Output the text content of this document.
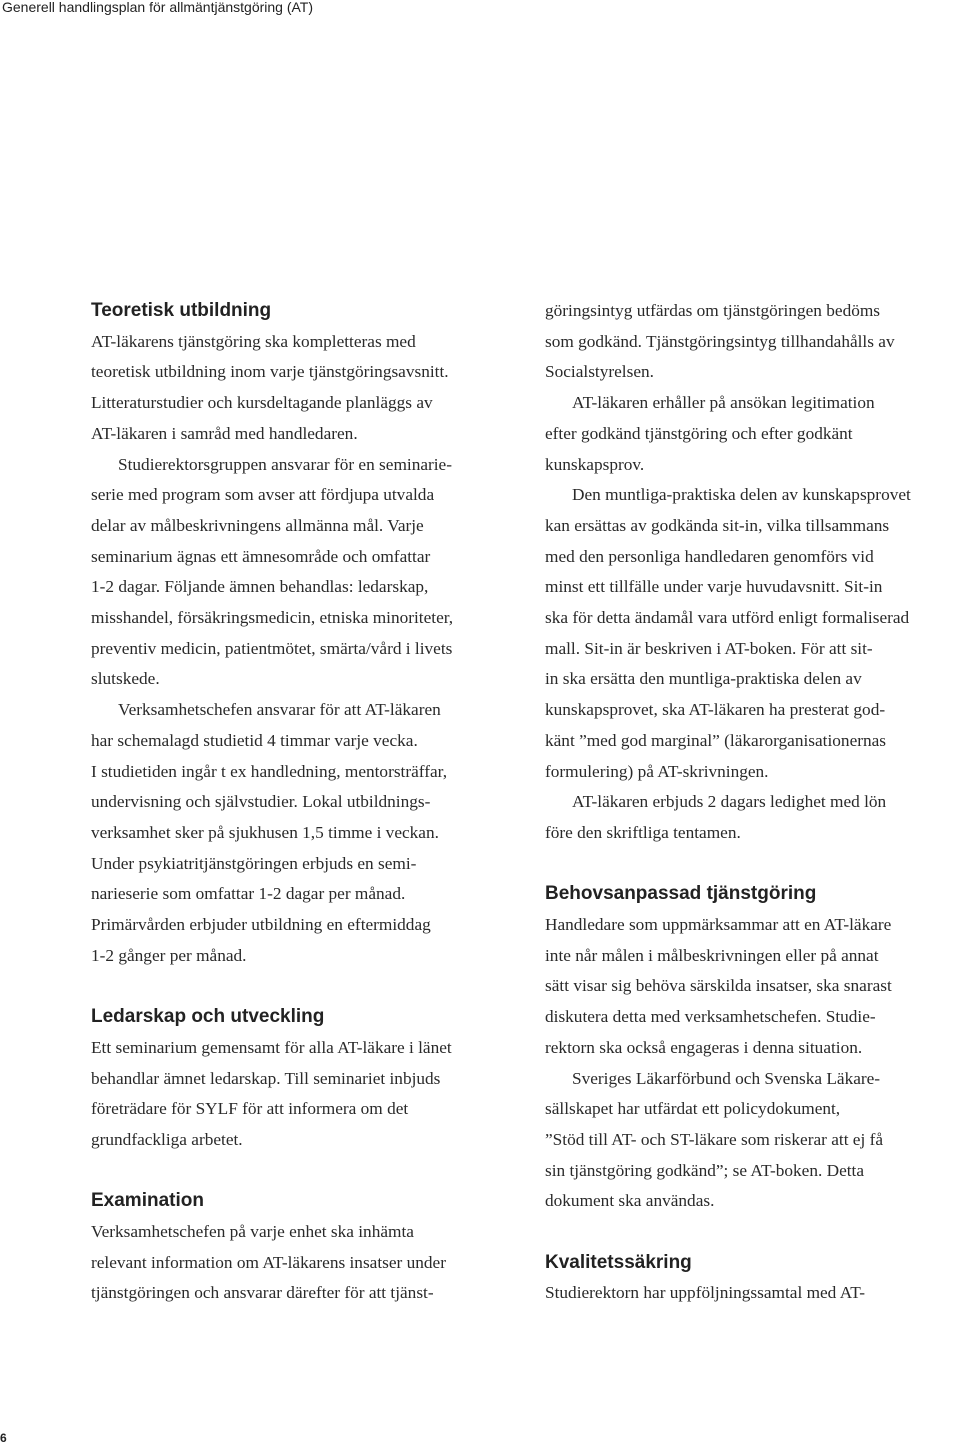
Generell handlingsplan för allmäntjänstgöring (AT)
Teoretisk utbildning
AT-läkarens tjänstgöring ska kompletteras med
teoretisk utbildning inom varje tjänstgöringsavsnitt.
Litteraturstudier och kursdeltagande planläggs av
AT-läkaren i samråd med handledaren.
Studierektorsgruppen ansvarar för en seminarie-
serie med program som avser att fördjupa utvalda
delar av målbeskrivningens allmänna mål. Varje
seminarium ägnas ett ämnesområde och omfattar
1-2 dagar. Följande ämnen behandlas: ledarskap,
misshandel, försäkringsmedicin, etniska minoriteter,
preventiv medicin, patientmötet, smärta/vård i livets
slutskede.
Verksamhetschefen ansvarar för att AT-läkaren
har schemalagd studietid 4 timmar varje vecka.
I studietiden ingår t ex handledning, mentorsträffar,
undervisning och självstudier. Lokal utbildnings-
verksamhet sker på sjukhusen 1,5 timme i veckan.
Under psykiatritjänstgöringen erbjuds en semi-
narieserie som omfattar 1-2 dagar per månad.
Primärvården erbjuder utbildning en eftermiddag
1-2 gånger per månad.
Ledarskap och utveckling
Ett seminarium gemensamt för alla AT-läkare i länet
behandlar ämnet ledarskap. Till seminariet inbjuds
företrädare för SYLF för att informera om det
grundfackliga arbetet.
Examination
Verksamhetschefen på varje enhet ska inhämta
relevant information om AT-läkarens insatser under
tjänstgöringen och ansvarar därefter för att tjänst-
göringsintyg utfärdas om tjänstgöringen bedöms
som godkänd. Tjänstgöringsintyg tillhandahålls av
Socialstyrelsen.
AT-läkaren erhåller på ansökan legitimation
efter godkänd tjänstgöring och efter godkänt
kunskapsprov.
Den muntliga-praktiska delen av kunskapsprovet
kan ersättas av godkända sit-in, vilka tillsammans
med den personliga handledaren genomförs vid
minst ett tillfälle under varje huvudavsnitt. Sit-in
ska för detta ändamål vara utförd enligt formaliserad
mall. Sit-in är beskriven i AT-boken. För att sit-
in ska ersätta den muntliga-praktiska delen av
kunskapsprovet, ska AT-läkaren ha presterat god-
känt ”med god marginal” (läkarorganisationernas
formulering) på AT-skrivningen.
AT-läkaren erbjuds 2 dagars ledighet med lön
före den skriftliga tentamen.
Behovsanpassad tjänstgöring
Handledare som uppmärksammar att en AT-läkare
inte når målen i målbeskrivningen eller på annat
sätt visar sig behöva särskilda insatser, ska snarast
diskutera detta med verksamhetschefen. Studie-
rektorn ska också engageras i denna situation.
Sveriges Läkarförbund och Svenska Läkare-
sällskapet har utfärdat ett policydokument,
”Stöd till AT- och ST-läkare som riskerar att ej få
sin tjänstgöring godkänd”; se AT-boken. Detta
dokument ska användas.
Kvalitetssäkring
Studierektorn har uppföljningssamtal med AT-
6
